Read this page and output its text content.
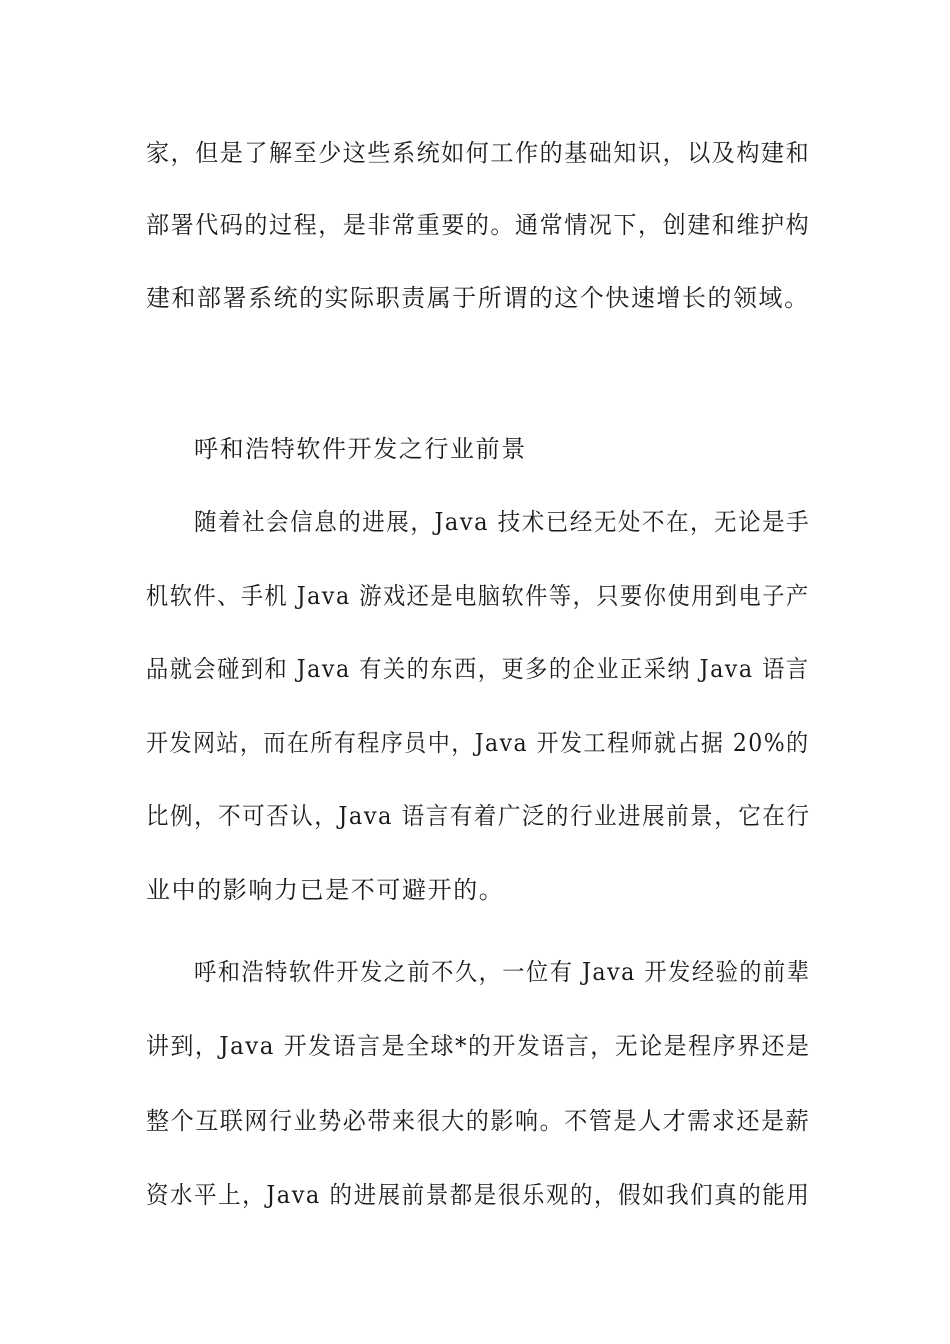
家，但是了解至少这些系统如何工作的基础知识，以及构建和
部署代码的过程，是非常重要的。通常情况下，创建和维护构
建和部署系统的实际职责属于所谓的这个快速增长的领域。
呼和浩特软件开发之行业前景
随着社会信息的进展，Java 技术已经无处不在，无论是手
机软件、手机 Java 游戏还是电脑软件等，只要你使用到电子产
品就会碰到和 Java 有关的东西，更多的企业正采纳 Java 语言
开发网站，而在所有程序员中，Java 开发工程师就占据 20%的
比例，不可否认，Java 语言有着广泛的行业进展前景，它在行
业中的影响力已是不可避开的。
呼和浩特软件开发之前不久，一位有 Java 开发经验的前辈
讲到，Java 开发语言是全球*的开发语言，无论是程序界还是
整个互联网行业势必带来很大的影响。不管是人才需求还是薪
资水平上，Java 的进展前景都是很乐观的，假如我们真的能用
